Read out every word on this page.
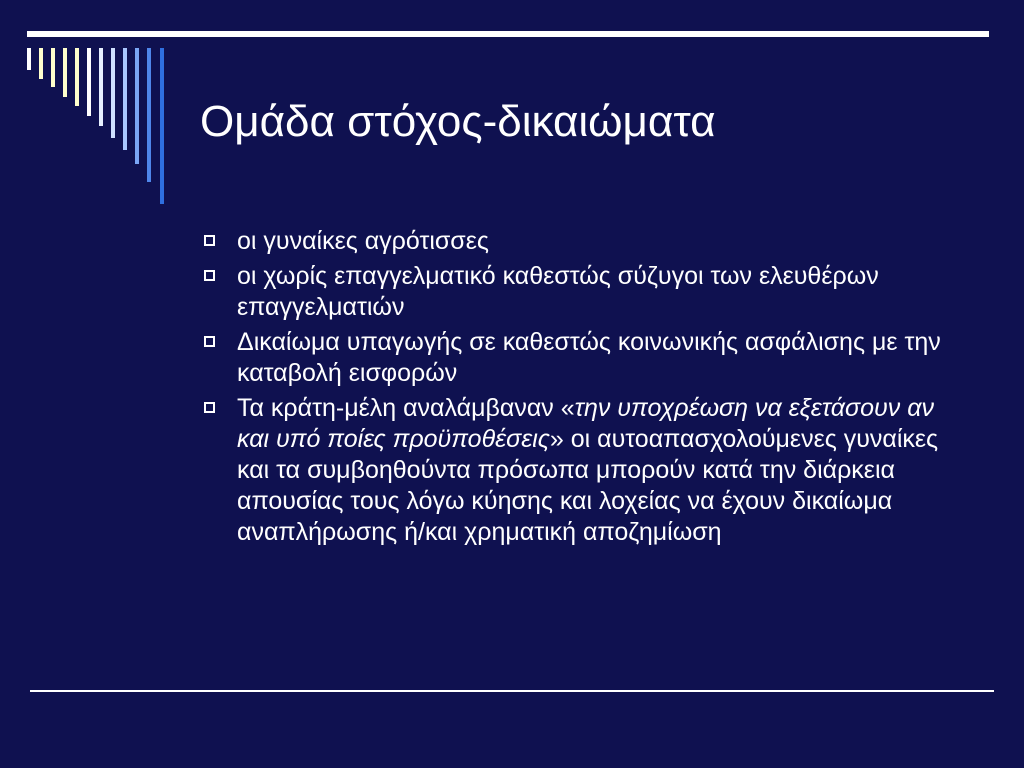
Ομάδα στόχος-δικαιώματα
οι γυναίκες αγρότισσες
οι χωρίς επαγγελματικό καθεστώς σύζυγοι των ελευθέρων επαγγελματιών
Δικαίωμα υπαγωγής σε καθεστώς κοινωνικής ασφάλισης με την καταβολή εισφορών
Τα κράτη-μέλη αναλάμβαναν «την υποχρέωση να εξετάσουν αν και υπό ποίες προϋποθέσεις» οι αυτοαπασχολούμενες γυναίκες και τα συμβοηθούντα πρόσωπα μπορούν κατά την διάρκεια απουσίας τους λόγω κύησης και λοχείας να έχουν δικαίωμα αναπλήρωσης ή/και χρηματική αποζημίωση
